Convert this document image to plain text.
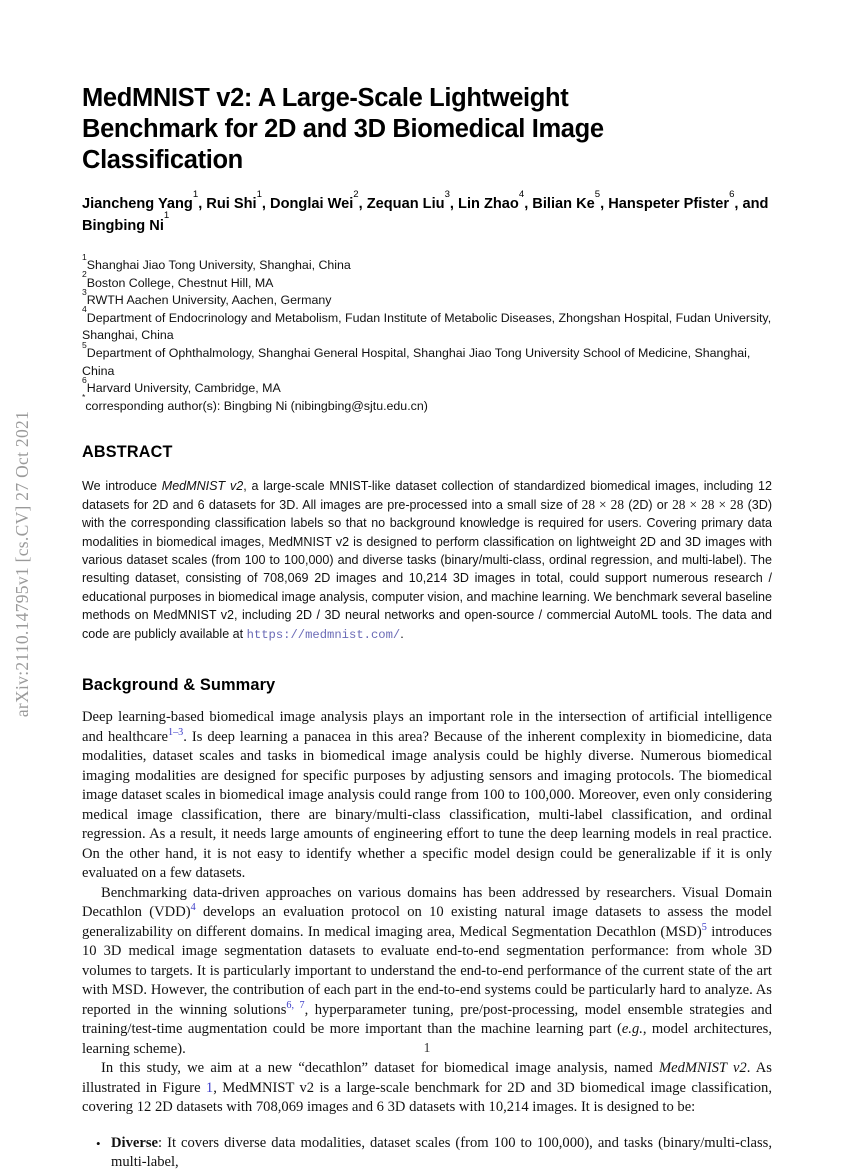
arXiv:2110.14795v1 [cs.CV] 27 Oct 2021
MedMNIST v2: A Large-Scale Lightweight Benchmark for 2D and 3D Biomedical Image Classification

Jiancheng Yang$^1$, Rui Shi$^1$, Donglai Wei$^2$, Zequan Liu$^3$, Lin Zhao$^4$, Bilian Ke$^5$, Hanspeter Pfister$^6$, and Bingbing Ni$^1$

$^1$Shanghai Jiao Tong University, Shanghai, China
$^2$Boston College, Chestnut Hill, MA
$^3$RWTH Aachen University, Aachen, Germany
$^4$Department of Endocrinology and Metabolism, Fudan Institute of Metabolic Diseases, Zhongshan Hospital, Fudan University, Shanghai, China
$^5$Department of Ophthalmology, Shanghai General Hospital, Shanghai Jiao Tong University School of Medicine, Shanghai, China
$^6$Harvard University, Cambridge, MA
*corresponding author(s): Bingbing Ni (nibingbing@sjtu.edu.cn)
ABSTRACT

We introduce MedMNIST v2, a large-scale MNIST-like dataset collection of standardized biomedical images, including 12 datasets for 2D and 6 datasets for 3D. All images are pre-processed into a small size of 28 × 28 (2D) or 28 × 28 × 28 (3D) with the corresponding classification labels so that no background knowledge is required for users. Covering primary data modalities in biomedical images, MedMNIST v2 is designed to perform classification on lightweight 2D and 3D images with various dataset scales (from 100 to 100,000) and diverse tasks (binary/multi-class, ordinal regression, and multi-label). The resulting dataset, consisting of 708,069 2D images and 10,214 3D images in total, could support numerous research / educational purposes in biomedical image analysis, computer vision, and machine learning. We benchmark several baseline methods on MedMNIST v2, including 2D / 3D neural networks and open-source / commercial AutoML tools. The data and code are publicly available at https://medmnist.com/.

Background & Summary

Deep learning-based biomedical image analysis plays an important role in the intersection of artificial intelligence and healthcare$^{1-3}$. Is deep learning a panacea in this area? Because of the inherent complexity in biomedicine, data modalities, dataset scales and tasks in biomedical image analysis could be highly diverse. Numerous biomedical imaging modalities are designed for specific purposes by adjusting sensors and imaging protocols. The biomedical image dataset scales in biomedical image analysis could range from 100 to 100,000. Moreover, even only considering medical image classification, there are binary/multi-class classification, multi-label classification, and ordinal regression. As a result, it needs large amounts of engineering effort to tune the deep learning models in real practice. On the other hand, it is not easy to identify whether a specific model design could be generalizable if it is only evaluated on a few datasets.

Benchmarking data-driven approaches on various domains has been addressed by researchers. Visual Domain Decathlon (VDD)$^4$ develops an evaluation protocol on 10 existing natural image datasets to assess the model generalizability on different domains. In medical imaging area, Medical Segmentation Decathlon (MSD)$^5$ introduces 10 3D medical image segmentation datasets to evaluate end-to-end segmentation performance: from whole 3D volumes to targets. It is particularly important to understand the end-to-end performance of the current state of the art with MSD. However, the contribution of each part in the end-to-end systems could be particularly hard to analyze. As reported in the winning solutions$^{6, 7}$, hyperparameter tuning, pre/post-processing, model ensemble strategies and training/test-time augmentation could be more important than the machine learning part (e.g., model architectures, learning scheme).

In this study, we aim at a new “decathlon” dataset for biomedical image analysis, named MedMNIST v2. As illustrated in Figure 1, MedMNIST v2 is a large-scale benchmark for 2D and 3D biomedical image classification, covering 12 2D datasets with 708,069 images and 6 3D datasets with 10,214 images. It is designed to be:

• Diverse: It covers diverse data modalities, dataset scales (from 100 to 100,000), and tasks (binary/multi-class, multi-label,
1
